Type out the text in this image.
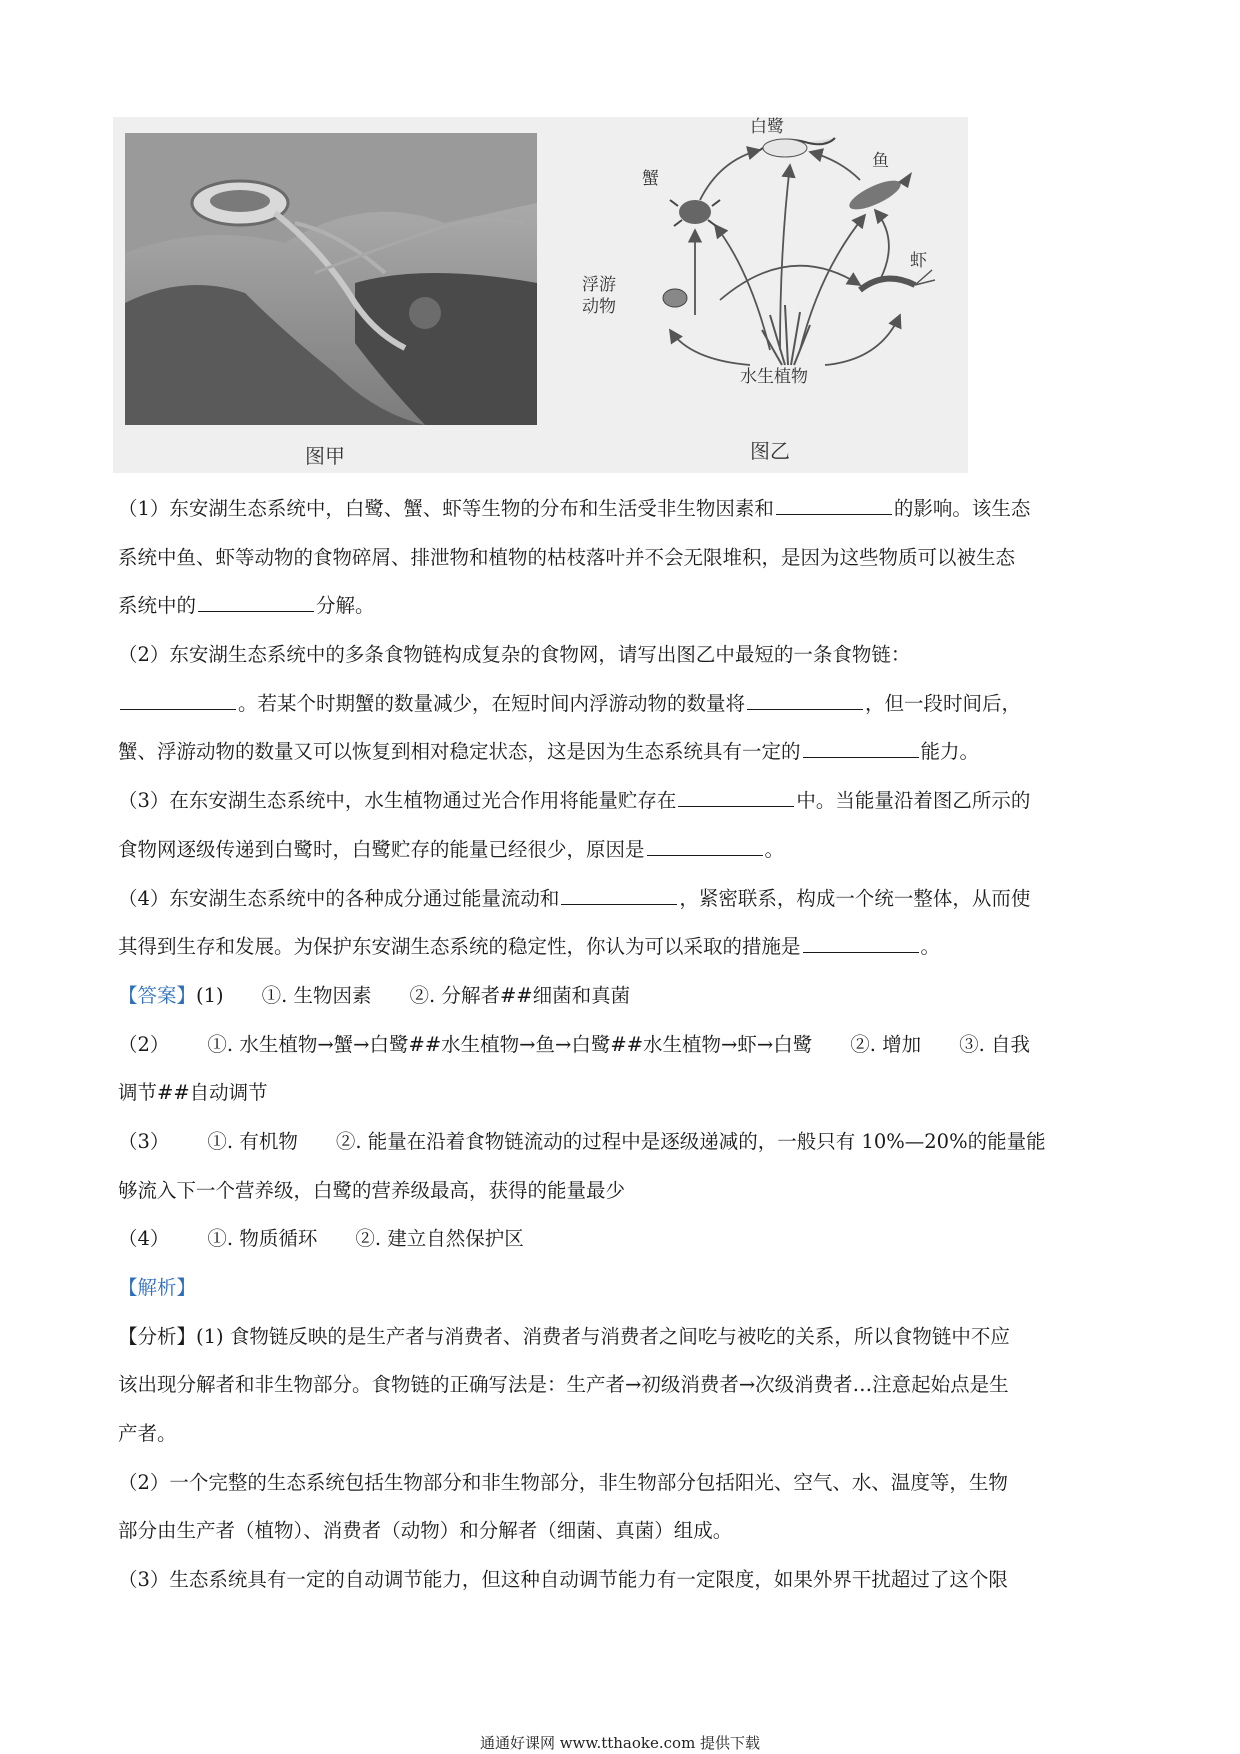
图甲
白鹭
蟹
鱼
浮游
动物
虾
水生植物
图乙
（1）东安湖生态系统中，白鹭、蟹、虾等生物的分布和生活受非生物因素和	的影响。该生态
系统中鱼、虾等动物的食物碎屑、排泄物和植物的枯枝落叶并不会无限堆积，是因为这些物质可以被生态
系统中的	分解。
（2）东安湖生态系统中的多条食物链构成复杂的食物网，请写出图乙中最短的一条食物链：
。若某个时期蟹的数量减少，在短时间内浮游动物的数量将	，但一段时间后，
蟹、浮游动物的数量又可以恢复到相对稳定状态，这是因为生态系统具有一定的	能力。
（3）在东安湖生态系统中，水生植物通过光合作用将能量贮存在	中。当能量沿着图乙所示的
食物网逐级传递到白鹭时，白鹭贮存的能量已经很少，原因是	。
（4）东安湖生态系统中的各种成分通过能量流动和	，紧密联系，构成一个统一整体，从而使
其得到生存和发展。为保护东安湖生态系统的稳定性，你认为可以采取的措施是	。
【答案】(1) ①. 生物因素 ②. 分解者##细菌和真菌
（2） ①. 水生植物→蟹→白鹭##水生植物→鱼→白鹭##水生植物→虾→白鹭 ②. 增加 ③. 自我
调节##自动调节
（3） ①. 有机物 ②. 能量在沿着食物链流动的过程中是逐级递减的，一般只有 10%—20%的能量能
够流入下一个营养级，白鹭的营养级最高，获得的能量最少
（4） ①. 物质循环 ②. 建立自然保护区
【解析】
【分析】(1) 食物链反映的是生产者与消费者、消费者与消费者之间吃与被吃的关系，所以食物链中不应
该出现分解者和非生物部分。食物链的正确写法是：生产者→初级消费者→次级消费者…注意起始点是生
产者。
（2）一个完整的生态系统包括生物部分和非生物部分，非生物部分包括阳光、空气、水、温度等，生物
部分由生产者（植物）、消费者（动物）和分解者（细菌、真菌）组成。
（3）生态系统具有一定的自动调节能力，但这种自动调节能力有一定限度，如果外界干扰超过了这个限
通通好课网 www.tthaoke.com 提供下载
